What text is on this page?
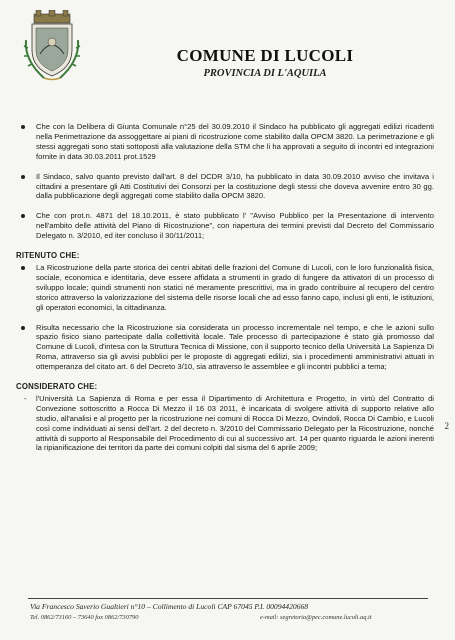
COMUNE DI LUCOLI
PROVINCIA DI L'AQUILA
Che con la Delibera di Giunta Comunale n°25 del 30.09.2010 il Sindaco ha pubblicato gli aggregati edilizi ricadenti nella Perimetrazione da assoggettare ai piani di ricostruzione come stabilito dalla OPCM 3820. La perimetrazione e gli stessi aggregati sono stati sottoposti alla valutazione della STM che li ha approvati a seguito di incontri ed integrazioni fornite in data 30.03.2011 prot.1529
Il Sindaco, salvo quanto previsto dall'art. 8 del DCDR 3/10, ha pubblicato in data 30.09.2010 avviso che invitava i cittadini a presentare gli Atti Costitutivi dei Consorzi per la costituzione degli stessi che doveva avvenire entro 30 gg. dalla pubblicazione degli aggregati come stabilito dalla OPCM 3820.
Che con prot.n. 4871 del 18.10.2011, è stato pubblicato l' "Avviso Pubblico per la Presentazione di intervento nell'ambito delle attività del Piano di Ricostruzione", con riapertura dei termini previsti dal Decreto del Commissario Delegato n. 3/2010, ed iter concluso il 30/11/2011;
RITENUTO CHE:
La Ricostruzione della parte storica dei centri abitati delle frazioni del Comune di Lucoli, con le loro funzionalità fisica, sociale, economica e identitaria, deve essere affidata a strumenti in grado di fungere da attivatori di un processo di sviluppo locale; quindi strumenti non statici né meramente prescrittivi, ma in grado contribuire al recupero del centro storico attraverso la valorizzazione del sistema delle risorse locali che ad esso fanno capo, inclusi gli enti, le istituzioni, gli operatori economici, la cittadinanza.
Risulta necessario che la Ricostruzione sia considerata un processo incrementale nel tempo, e che le azioni sullo spazio fisico siano partecipate dalla collettività locale. Tale processo di partecipazione è stato già promosso dal Comune di Lucoli, d'intesa con la Struttura Tecnica di Missione, con il supporto tecnico della Università La Sapienza Di Roma, attraverso sia gli avvisi pubblici per le proposte di aggregati edilizi, sia i procedimenti amministrativi attuati in ottemperanza del citato art. 6 del Decreto 3/10, sia attraverso le assemblee e gli incontri pubblici a tema;
CONSIDERATO CHE:
- l'Università La Sapienza di Roma e per essa il Dipartimento di Architettura e Progetto, in virtù del Contratto di Convezione sottoscritto a Rocca Di Mezzo il 16 03 2011, è incaricata di svolgere attività di supporto relative allo studio, all'analisi e al progetto per la ricostruzione nei comuni di Rocca Di Mezzo, Ovindoli, Rocca Di Cambio, e Lucoli così come individuati ai sensi dell'art. 2 del decreto n. 3/2010 del Commissario Delegato per la Ricostruzione, nonché attività di supporto al Responsabile del Procedimento di cui al successivo art. 14 per quanto riguarda le azioni inerenti la ripianificazione dei territori da parte dei comuni colpiti dal sisma del 6 aprile 2009;
2
Via Francesco Saverio Gualtieri n°10 – Collimento di Lucoli CAP 67045 P.I. 00094420668
Tel. 0862/73160 – 73640 fax 0862/730790	e-mail: segretoria@pec.comune.lucoli.aq.it
